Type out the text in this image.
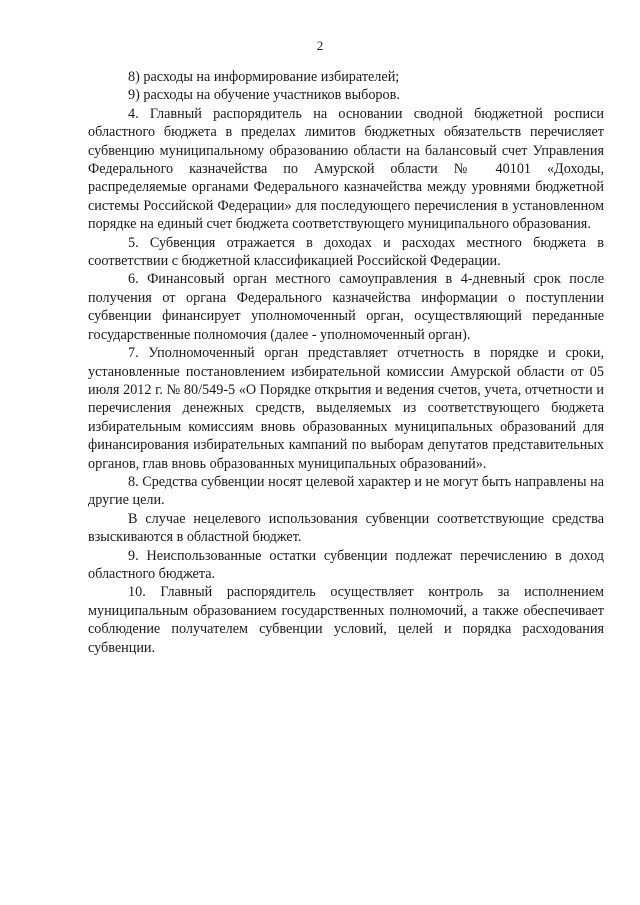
2

8) расходы на информирование избирателей;

9) расходы на обучение участников выборов.

4. Главный распорядитель на основании сводной бюджетной росписи областного бюджета в пределах лимитов бюджетных обязательств перечисляет субвенцию муниципальному образованию области на балансовый счет Управления Федерального казначейства по Амурской области № 40101 «Доходы, распределяемые органами Федерального казначейства между уровнями бюджетной системы Российской Федерации» для последующего перечисления в установленном порядке на единый счет бюджета соответствующего муниципального образования.

5. Субвенция отражается в доходах и расходах местного бюджета в соответствии с бюджетной классификацией Российской Федерации.

6. Финансовый орган местного самоуправления в 4-дневный срок после получения от органа Федерального казначейства информации о поступлении субвенции финансирует уполномоченный орган, осуществляющий переданные государственные полномочия (далее - уполномоченный орган).

7. Уполномоченный орган представляет отчетность в порядке и сроки, установленные постановлением избирательной комиссии Амурской области от 05 июля 2012 г. № 80/549-5 «О Порядке открытия и ведения счетов, учета, отчетности и перечисления денежных средств, выделяемых из соответствующего бюджета избирательным комиссиям вновь образованных муниципальных образований для финансирования избирательных кампаний по выборам депутатов представительных органов, глав вновь образованных муниципальных образований».

8. Средства субвенции носят целевой характер и не могут быть направлены на другие цели.

В случае нецелевого использования субвенции соответствующие средства взыскиваются в областной бюджет.

9. Неиспользованные остатки субвенции подлежат перечислению в доход областного бюджета.

10. Главный распорядитель осуществляет контроль за исполнением муниципальным образованием государственных полномочий, а также обеспечивает соблюдение получателем субвенции условий, целей и порядка расходования субвенции.
